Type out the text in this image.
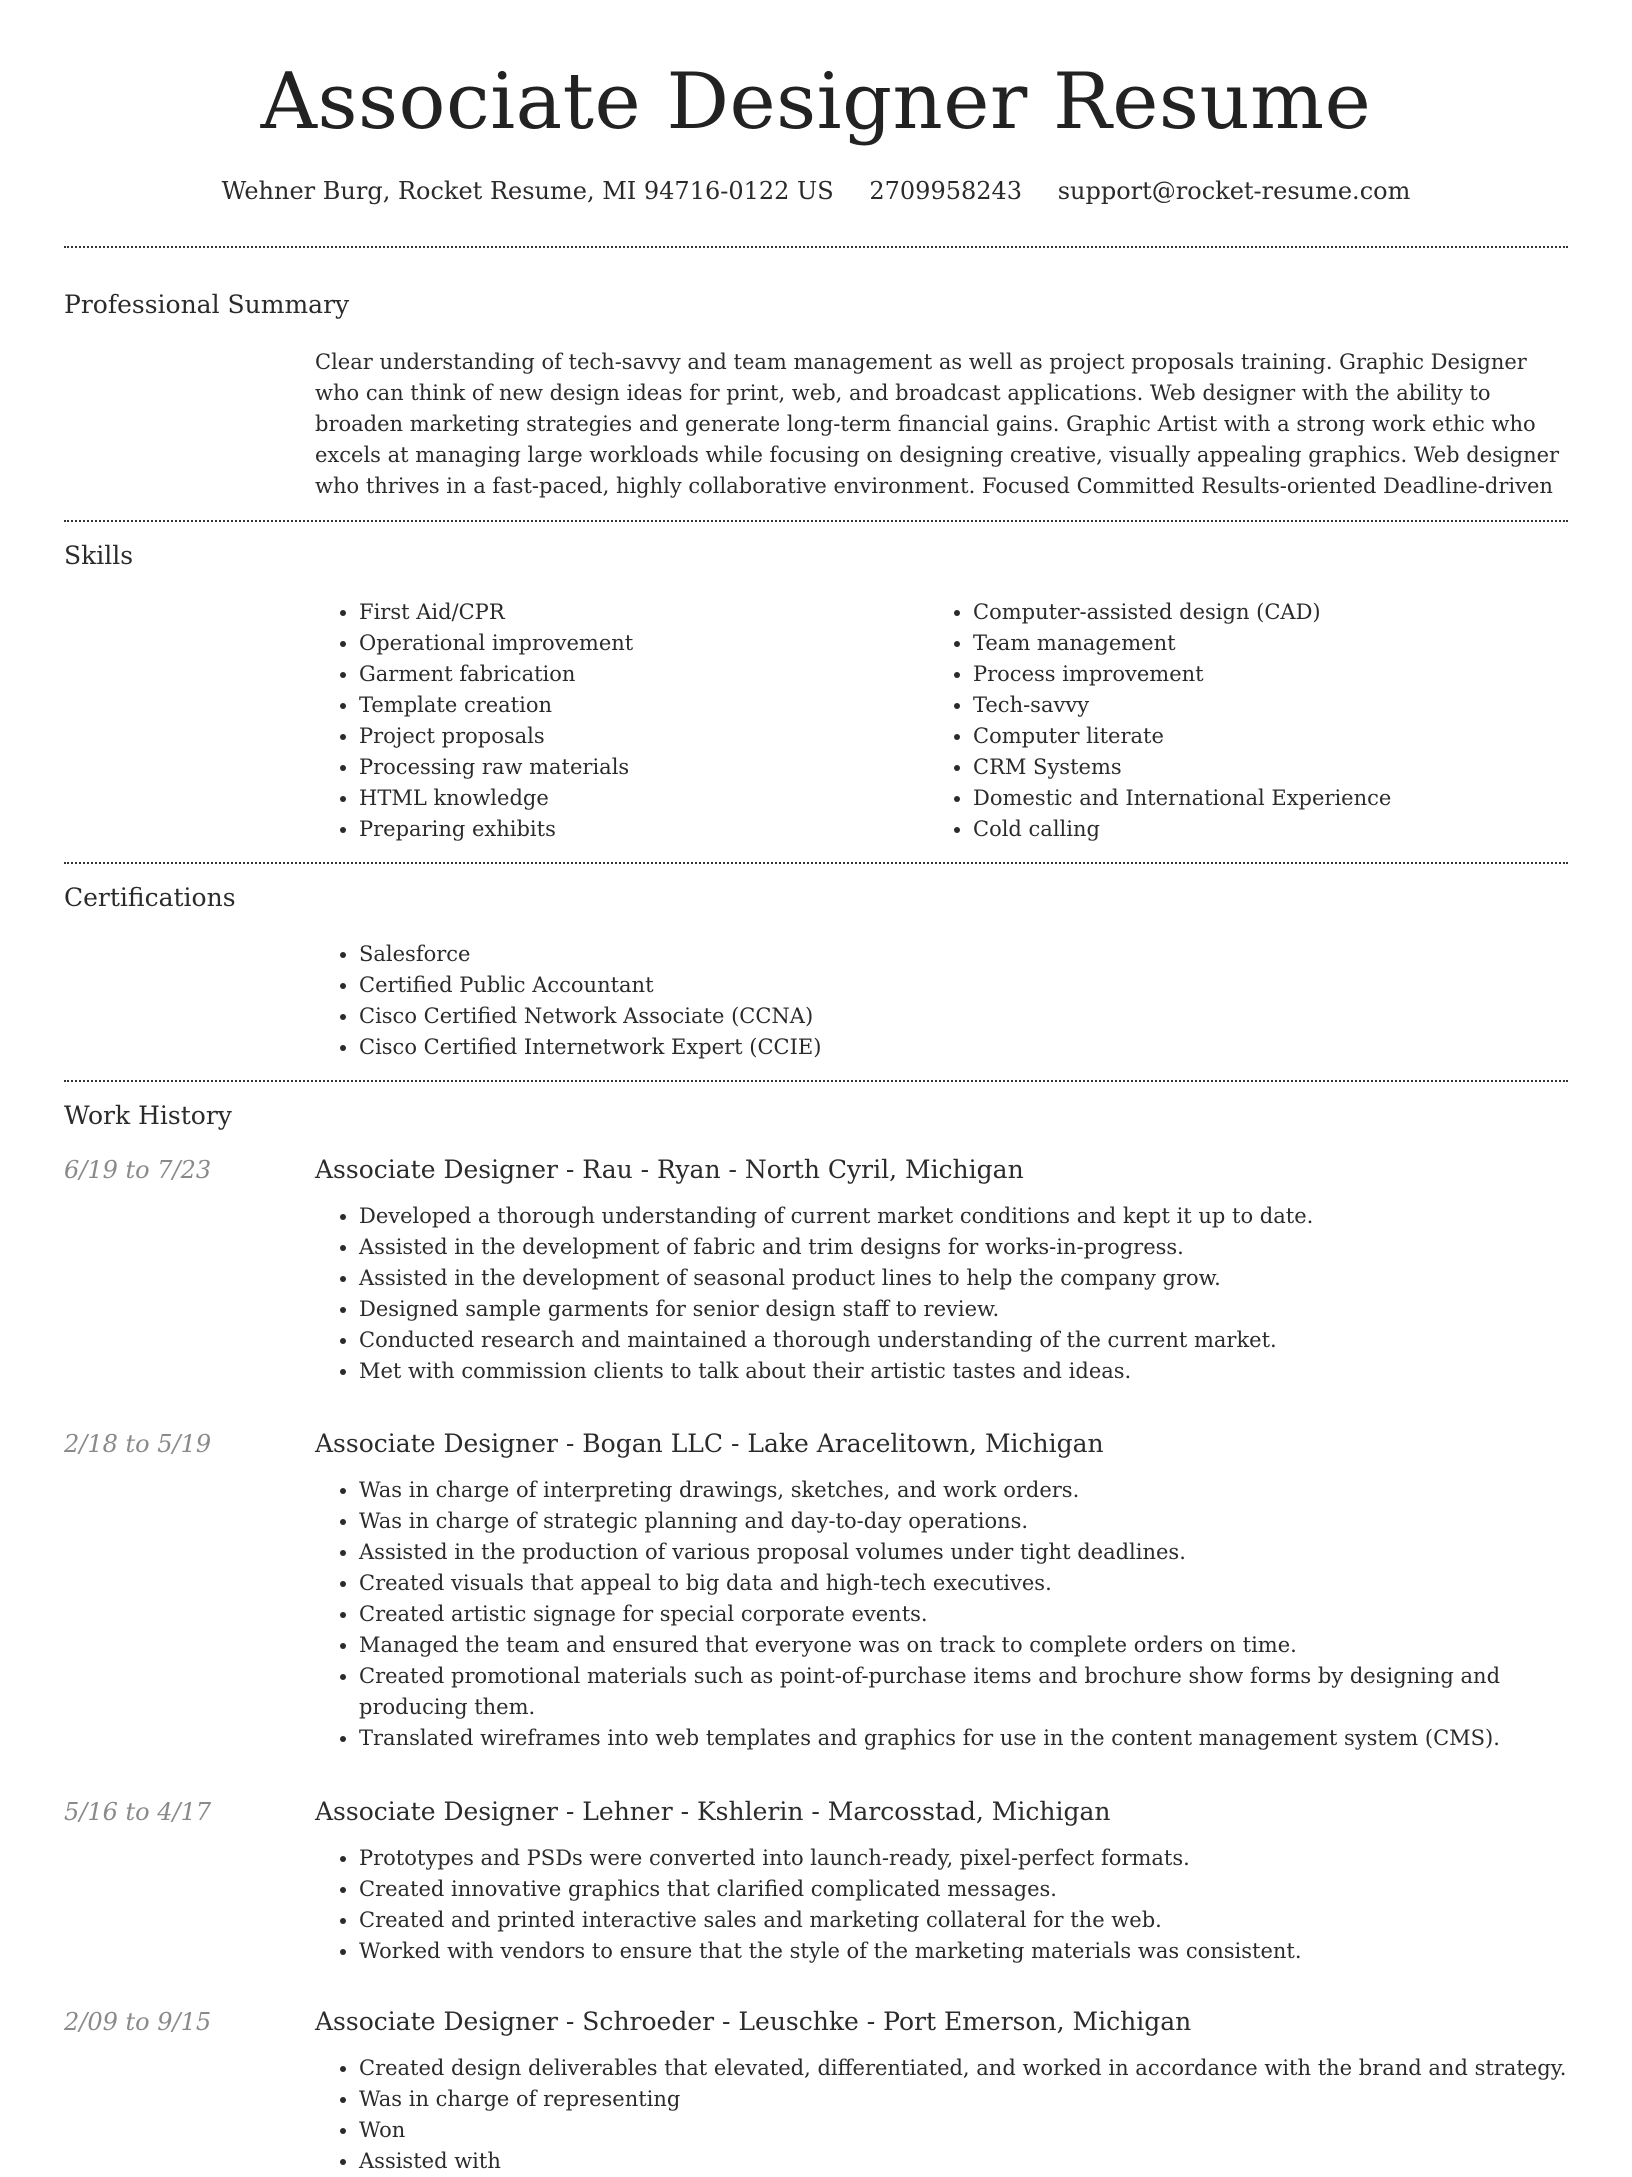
Associate Designer Resume
Wehner Burg, Rocket Resume, MI 94716-0122 US 2709958243 support@rocket-resume.com
Professional Summary
Clear understanding of tech-savvy and team management as well as project proposals training. Graphic Designer who can think of new design ideas for print, web, and broadcast applications. Web designer with the ability to broaden marketing strategies and generate long-term financial gains. Graphic Artist with a strong work ethic who excels at managing large workloads while focusing on designing creative, visually appealing graphics. Web designer who thrives in a fast-paced, highly collaborative environment. Focused Committed Results-oriented Deadline-driven
Skills
• First Aid/CPR
• Operational improvement
• Garment fabrication
• Template creation
• Project proposals
• Processing raw materials
• HTML knowledge
• Preparing exhibits
• Computer-assisted design (CAD)
• Team management
• Process improvement
• Tech-savvy
• Computer literate
• CRM Systems
• Domestic and International Experience
• Cold calling
Certifications
• Salesforce
• Certified Public Accountant
• Cisco Certified Network Associate (CCNA)
• Cisco Certified Internetwork Expert (CCIE)
Work History
6/19 to 7/23	Associate Designer - Rau - Ryan - North Cyril, Michigan
• Developed a thorough understanding of current market conditions and kept it up to date.
• Assisted in the development of fabric and trim designs for works-in-progress.
• Assisted in the development of seasonal product lines to help the company grow.
• Designed sample garments for senior design staff to review.
• Conducted research and maintained a thorough understanding of the current market.
• Met with commission clients to talk about their artistic tastes and ideas.
2/18 to 5/19	Associate Designer - Bogan LLC - Lake Aracelitown, Michigan
• Was in charge of interpreting drawings, sketches, and work orders.
• Was in charge of strategic planning and day-to-day operations.
• Assisted in the production of various proposal volumes under tight deadlines.
• Created visuals that appeal to big data and high-tech executives.
• Created artistic signage for special corporate events.
• Managed the team and ensured that everyone was on track to complete orders on time.
• Created promotional materials such as point-of-purchase items and brochure show forms by designing and producing them.
• Translated wireframes into web templates and graphics for use in the content management system (CMS).
5/16 to 4/17	Associate Designer - Lehner - Kshlerin - Marcosstad, Michigan
• Prototypes and PSDs were converted into launch-ready, pixel-perfect formats.
• Created innovative graphics that clarified complicated messages.
• Created and printed interactive sales and marketing collateral for the web.
• Worked with vendors to ensure that the style of the marketing materials was consistent.
2/09 to 9/15	Associate Designer - Schroeder - Leuschke - Port Emerson, Michigan
• Created design deliverables that elevated, differentiated, and worked in accordance with the brand and strategy.
• Was in charge of representing
• Won
• Assisted with
